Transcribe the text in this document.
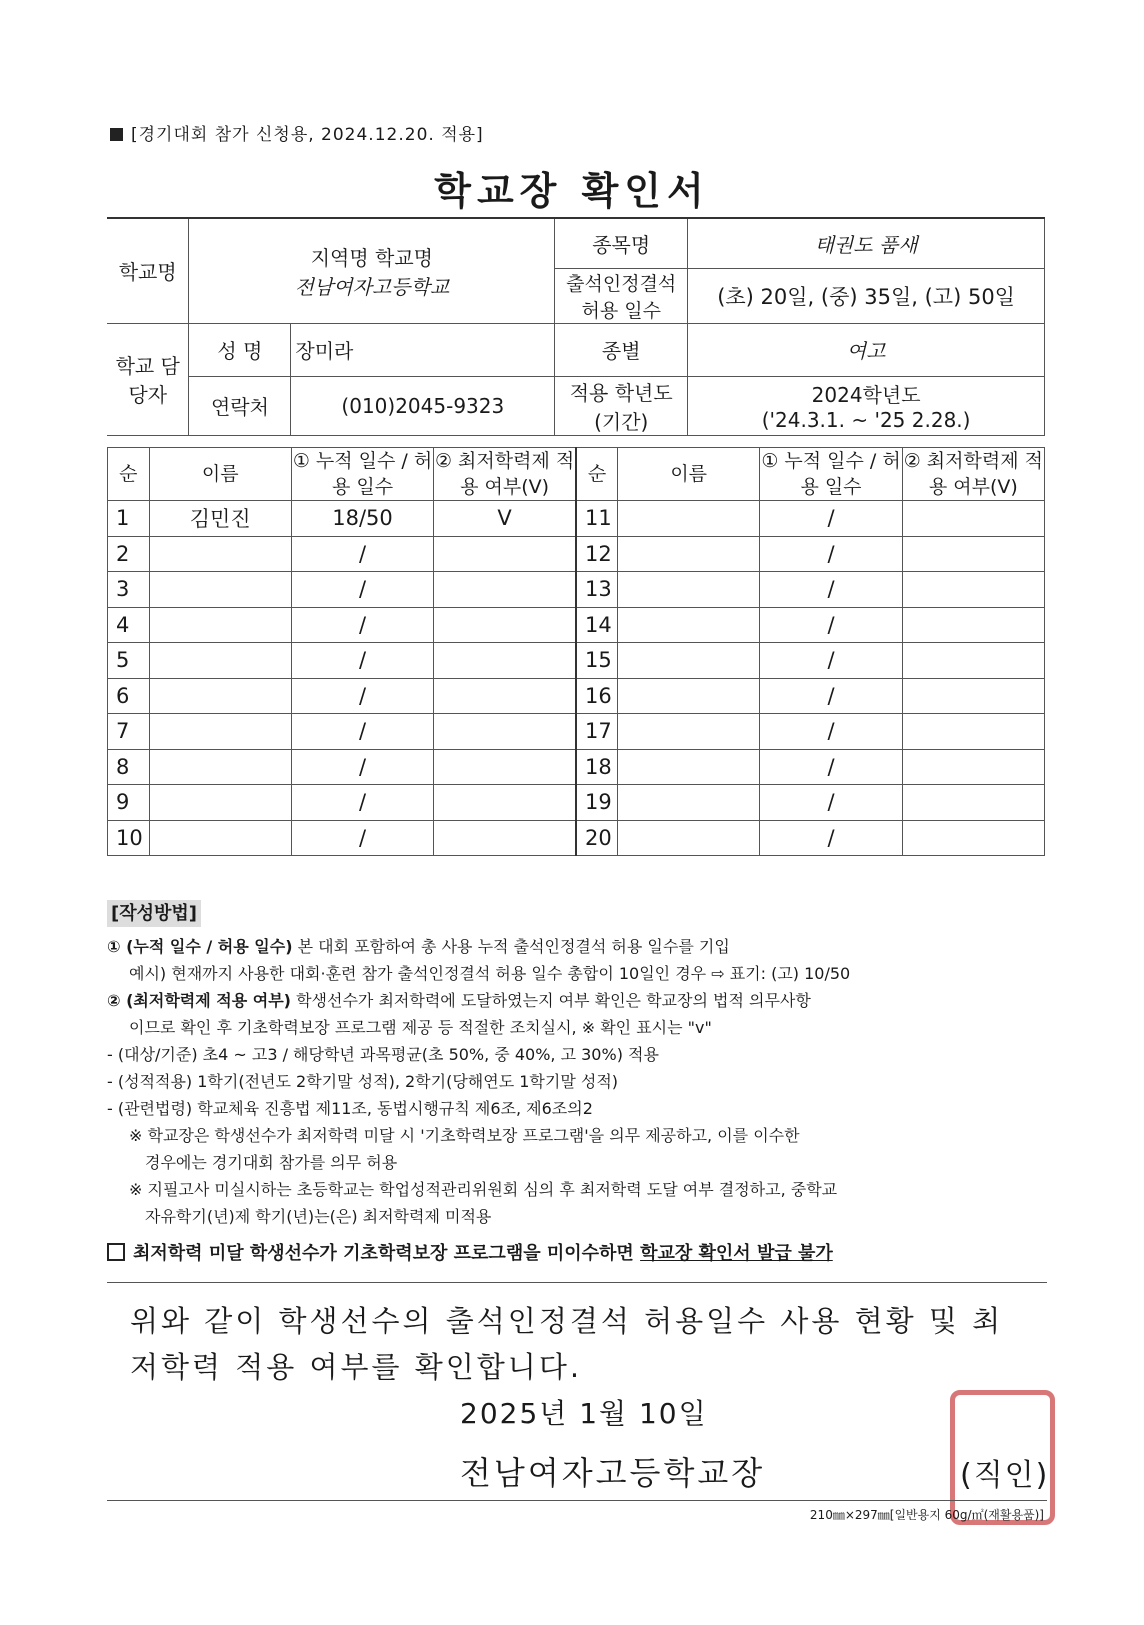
[경기대회 참가 신청용, 2024.12.20. 적용]
학교장 확인서
학교명	지역명 학교명
전남여자고등학교		종목명	태권도 품새
			출석인정결석 허용 일수	(초) 20일, (중) 35일, (고) 50일
학교 담당자	성 명	장미라	종별	여고
	연락처	(010)2045-9323	적용 학년도 (기간)	2024학년도
('24.3.1. ~ '25 2.28.)
순	이름	① 누적 일수 / 허용 일수	② 최저학력제 적용 여부(V)	순	이름	① 누적 일수 / 허용 일수	② 최저학력제 적용 여부(V)
1	김민진	18/50	V	11		/	
2		/		12		/	
3		/		13		/	
4		/		14		/	
5		/		15		/	
6		/		16		/	
7		/		17		/	
8		/		18		/	
9		/		19		/	
10		/		20		/	
[작성방법]

① (누적 일수 / 허용 일수) 본 대회 포함하여 총 사용 누적 출석인정결석 허용 일수를 기입

예시) 현재까지 사용한 대회·훈련 참가 출석인정결석 허용 일수 총합이 10일인 경우 ⇨ 표기: (고) 10/50

② (최저학력제 적용 여부) 학생선수가 최저학력에 도달하였는지 여부 확인은 학교장의 법적 의무사항

이므로 확인 후 기초학력보장 프로그램 제공 등 적절한 조치실시, ※ 확인 표시는 "v"

- (대상/기준) 초4 ~ 고3 / 해당학년 과목평균(초 50%, 중 40%, 고 30%) 적용

- (성적적용) 1학기(전년도 2학기말 성적), 2학기(당해연도 1학기말 성적)

- (관련법령) 학교체육 진흥법 제11조, 동법시행규칙 제6조, 제6조의2

※ 학교장은 학생선수가 최저학력 미달 시 '기초학력보장 프로그램'을 의무 제공하고, 이를 이수한

경우에는 경기대회 참가를 의무 허용

※ 지필고사 미실시하는 초등학교는 학업성적관리위원회 심의 후 최저학력 도달 여부 결정하고, 중학교

자유학기(년)제 학기(년)는(은) 최저학력제 미적용

최저학력 미달 학생선수가 기초학력보장 프로그램을 미이수하면 학교장 확인서 발급 불가

위와 같이 학생선수의 출석인정결석 허용일수 사용 현황 및 최저학력 적용 여부를 확인합니다.
2025년 1월 10일
전남여자고등학교장	(직인)
210㎜×297㎜[일반용지 60g/㎡(재활용품)]
